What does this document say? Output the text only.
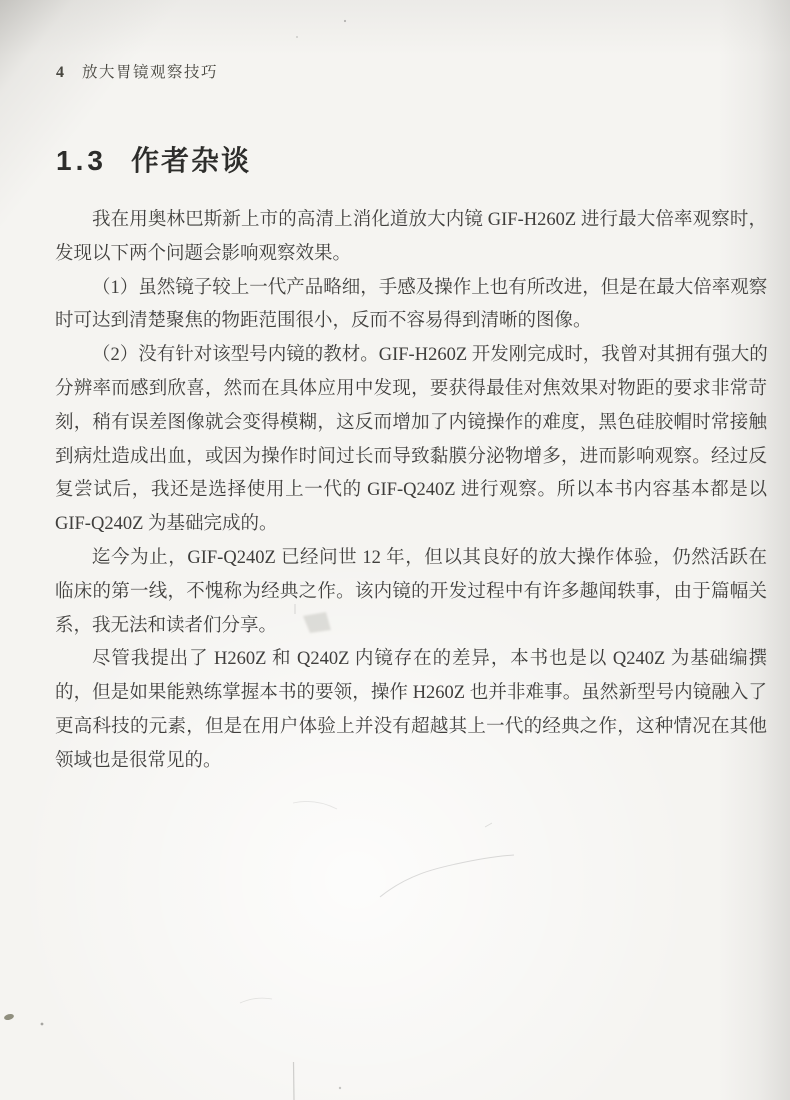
4 放大胃镜观察技巧
1.3 作者杂谈
我在用奥林巴斯新上市的高清上消化道放大内镜 GIF-H260Z 进行最大倍率观察时，
发现以下两个问题会影响观察效果。
（1）虽然镜子较上一代产品略细，手感及操作上也有所改进，但是在最大倍率观察
时可达到清楚聚焦的物距范围很小，反而不容易得到清晰的图像。
（2）没有针对该型号内镜的教材。GIF-H260Z 开发刚完成时，我曾对其拥有强大的
分辨率而感到欣喜，然而在具体应用中发现，要获得最佳对焦效果对物距的要求非常苛
刻，稍有误差图像就会变得模糊，这反而增加了内镜操作的难度，黑色硅胶帽时常接触
到病灶造成出血，或因为操作时间过长而导致黏膜分泌物增多，进而影响观察。经过反
复尝试后，我还是选择使用上一代的 GIF-Q240Z 进行观察。所以本书内容基本都是以
GIF-Q240Z 为基础完成的。
迄今为止，GIF-Q240Z 已经问世 12 年，但以其良好的放大操作体验，仍然活跃在
临床的第一线，不愧称为经典之作。该内镜的开发过程中有许多趣闻轶事，由于篇幅关
系，我无法和读者们分享。
尽管我提出了 H260Z 和 Q240Z 内镜存在的差异，本书也是以 Q240Z 为基础编撰
的，但是如果能熟练掌握本书的要领，操作 H260Z 也并非难事。虽然新型号内镜融入了
更高科技的元素，但是在用户体验上并没有超越其上一代的经典之作，这种情况在其他
领域也是很常见的。
